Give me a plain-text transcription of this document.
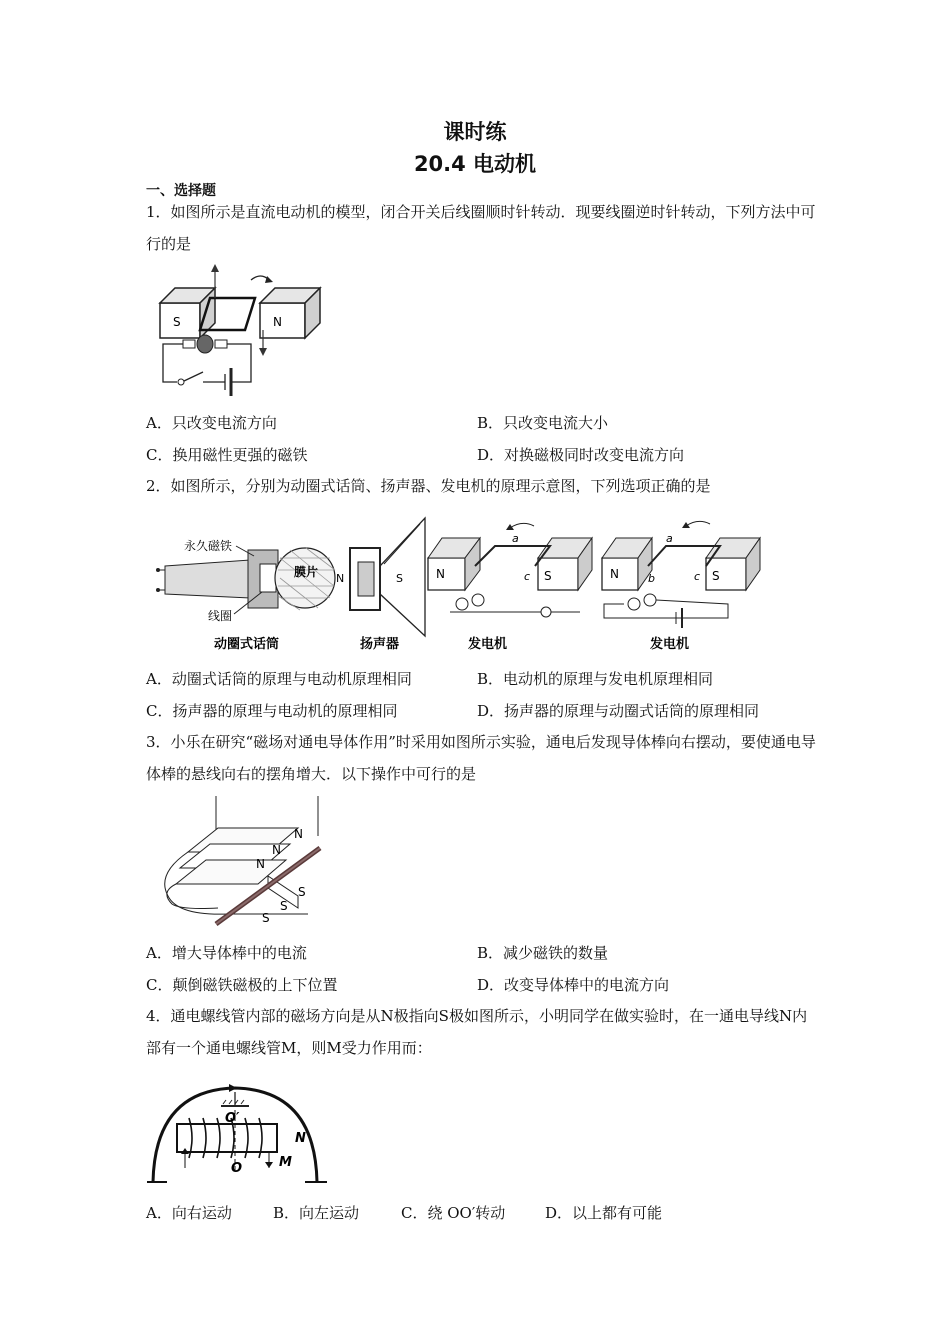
课时练
20.4 电动机
一、选择题
1．如图所示是直流电动机的模型，闭合开关后线圈顺时针转动．现要线圈逆时针转动，下列方法中可行的是
S	N
A．只改变电流方向	B．只改变电流大小
C．换用磁性更强的磁铁	D．对换磁极同时改变电流方向
2．如图所示，分别为动圈式话筒、扬声器、发电机的原理示意图，下列选项正确的是
永久磁铁
膜片
线圈
动圈式话筒
N	S
扬声器
N	S
a
c
发电机
N	S
a
b	c
发电机
A．动圈式话筒的原理与电动机原理相同	B．电动机的原理与发电机原理相同
C．扬声器的原理与电动机的原理相同	D．扬声器的原理与动圈式话筒的原理相同
3．小乐在研究“磁场对通电导体作用”时采用如图所示实验，通电后发现导体棒向右摆动，要使通电导体棒的悬线向右的摆角增大．以下操作中可行的是
N
N
N
S
S
S
A．增大导体棒中的电流	B．减少磁铁的数量
C．颠倒磁铁磁极的上下位置	D．改变导体棒中的电流方向
4．通电螺线管内部的磁场方向是从N极指向S极如图所示，小明同学在做实验时，在一通电导线N内部有一个通电螺线管M，则M受力作用而：
O′
O
N
M
A．向右运动	B．向左运动	C．绕 OO′转动	D．以上都有可能
